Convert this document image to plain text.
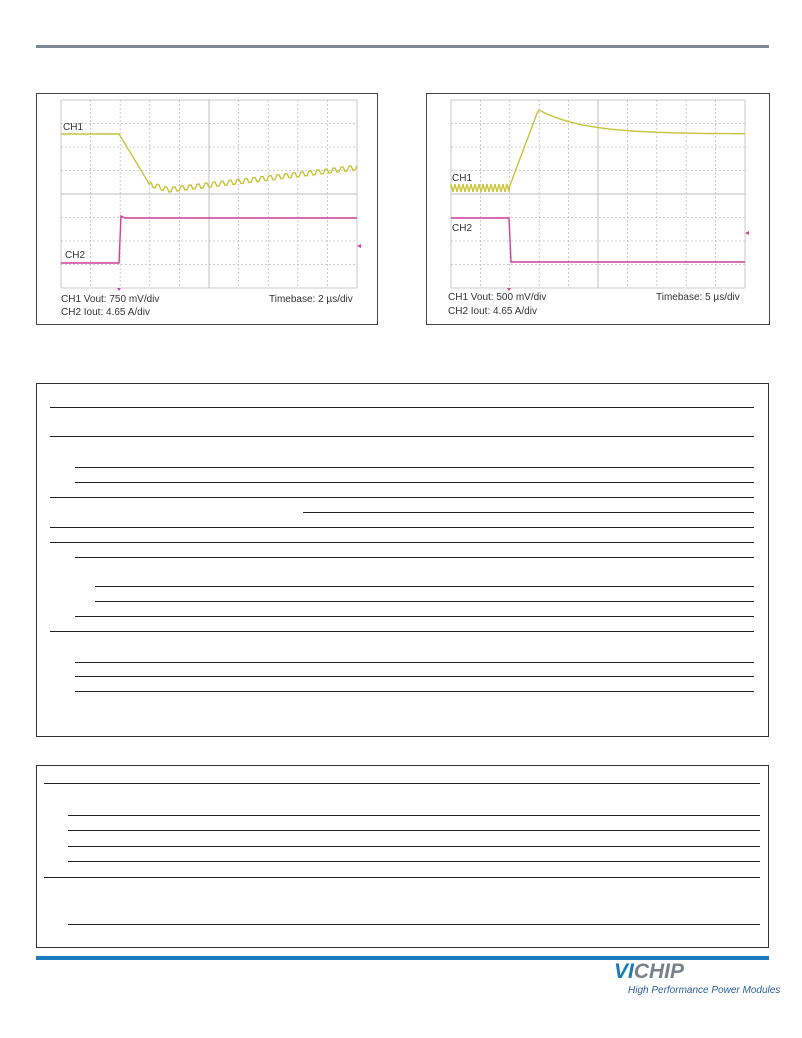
CH1
CH2
CH1 Vout: 750 mV/div
CH2 Iout: 4.65 A/div
Timebase: 2 µs/div
CH1
CH2
CH1 Vout: 500 mV/div
CH2 Iout: 4.65 A/div
Timebase: 5 µs/div
VICHIP
High Performance Power Modules
